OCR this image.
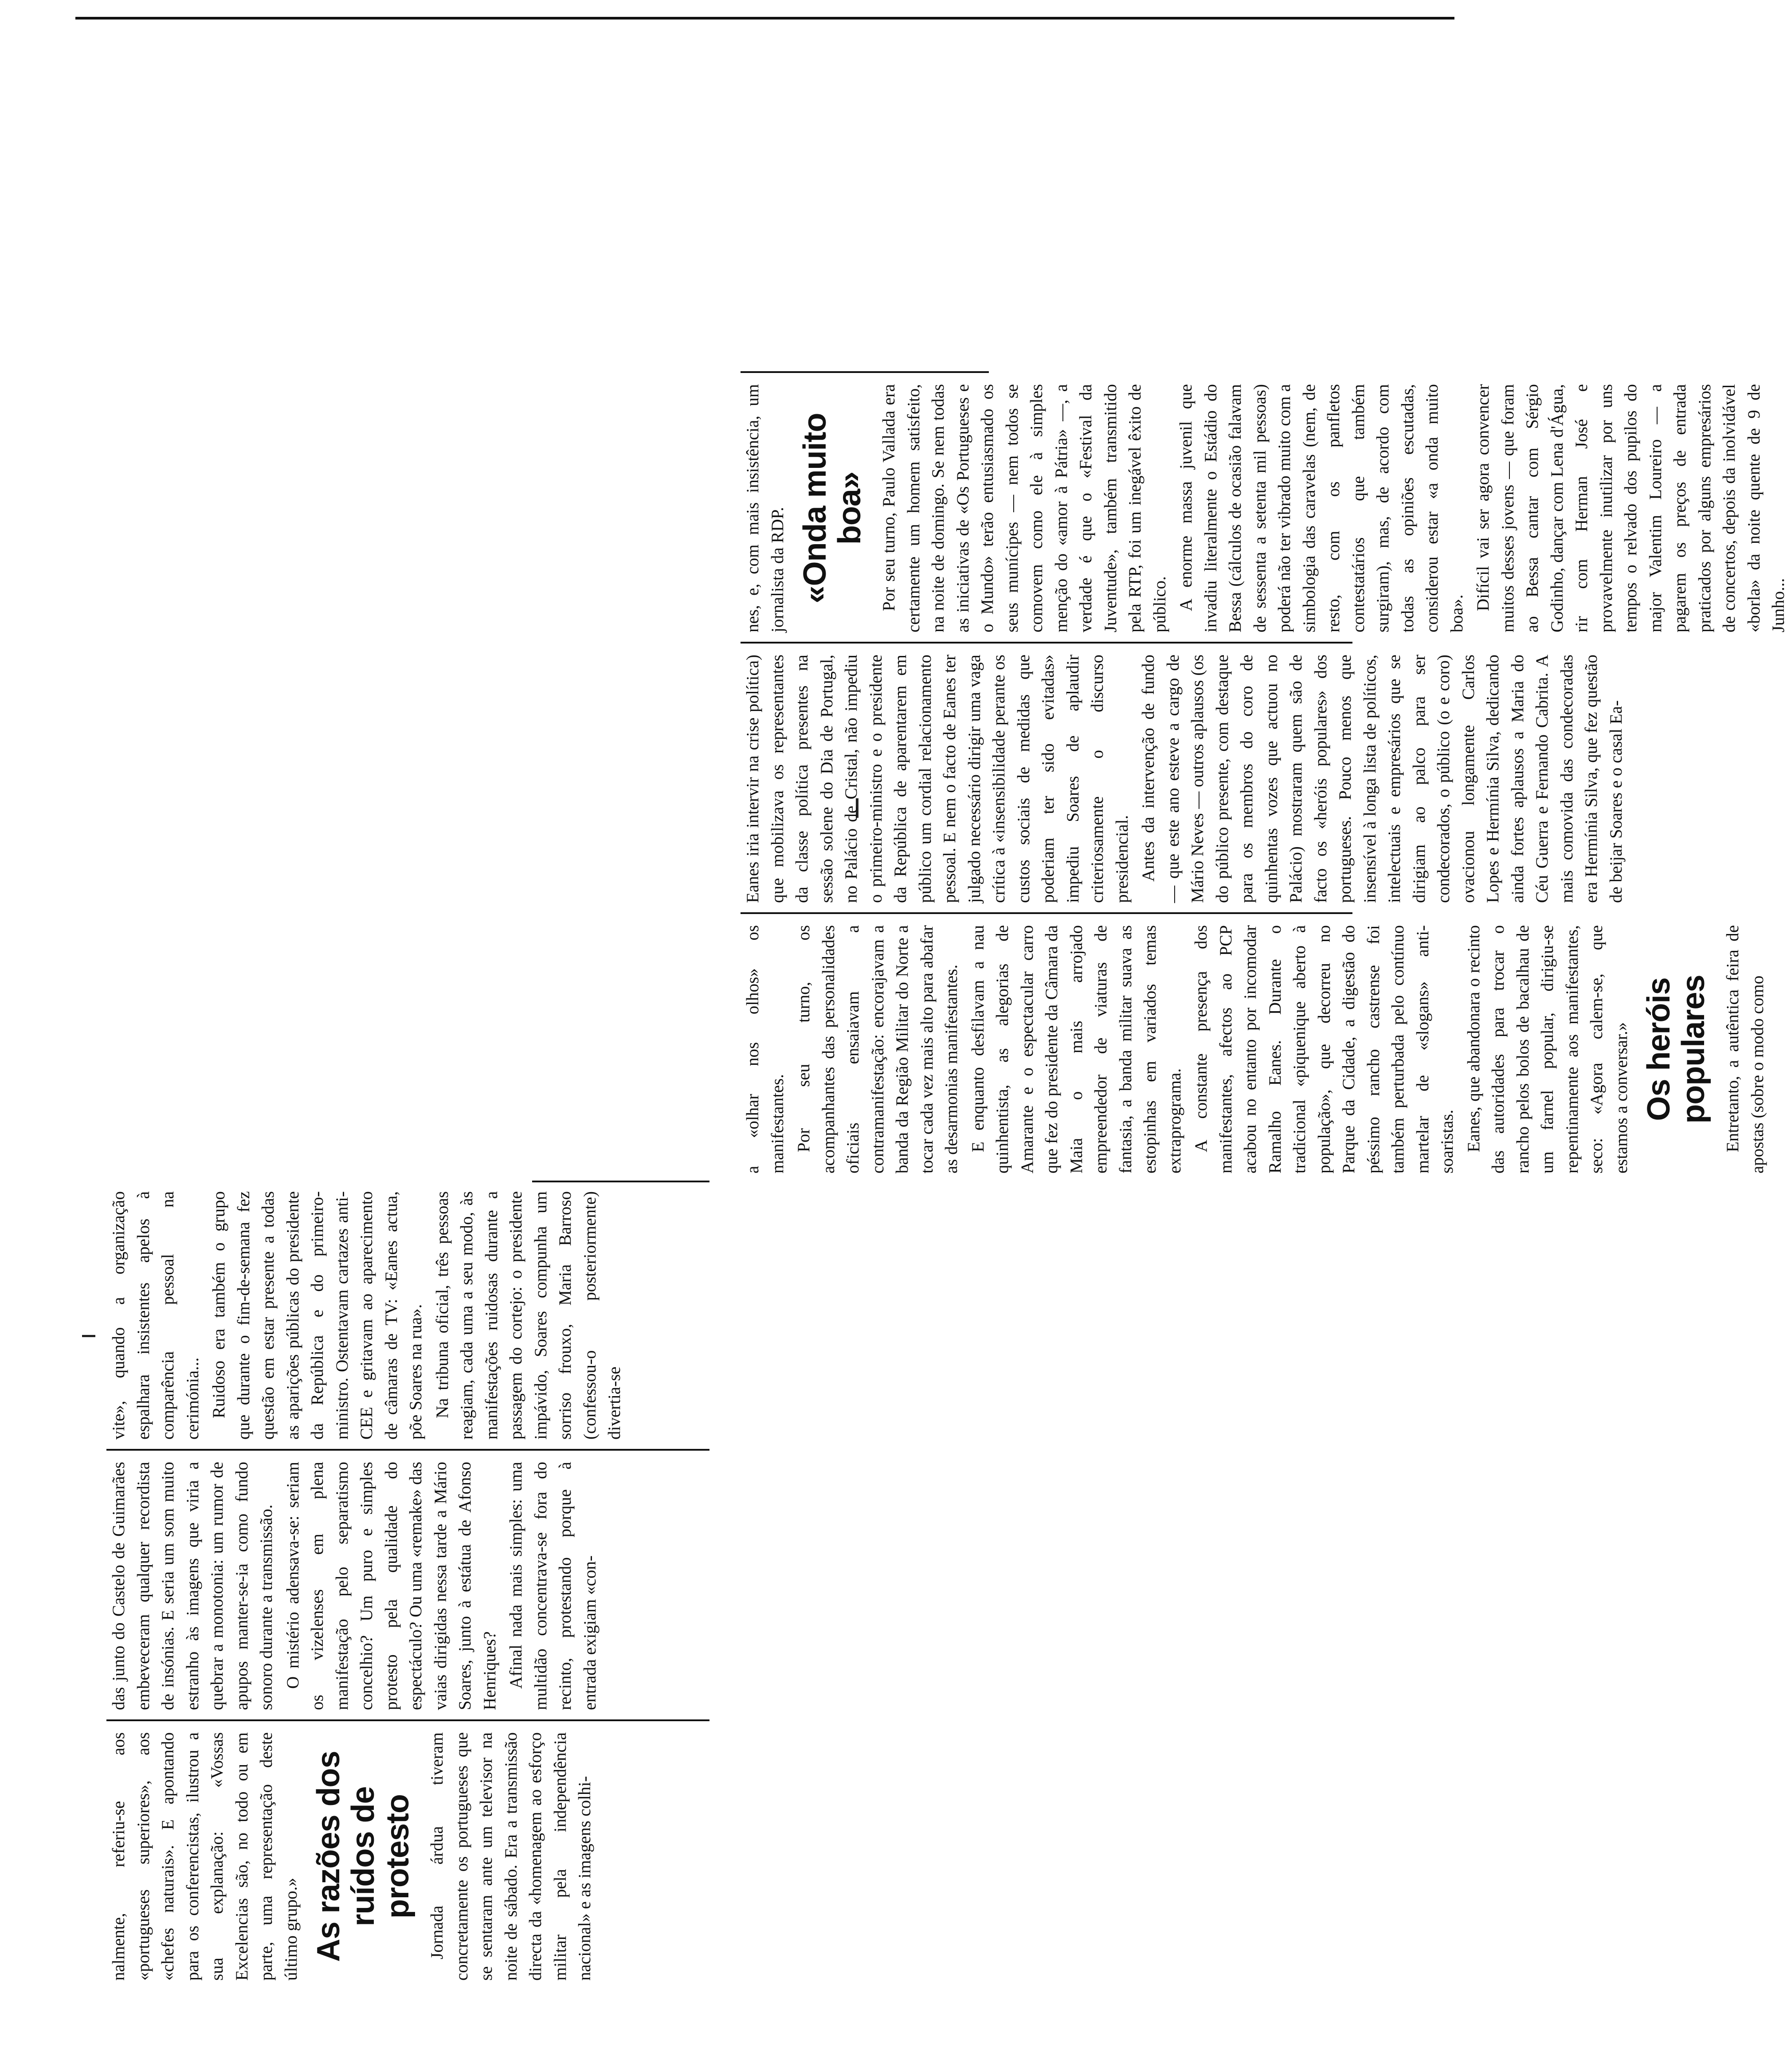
nalmente, referiu-se aos «portugueses superiores», aos «chefes naturais». E apontando para os conferencistas, ilustrou a sua explanação: «Vossas Excelencias são, no todo ou em parte, uma representação deste último grupo.» As razões dos ruídos de protesto Jornada árdua tiveram concretamente os portugueses que se sentaram ante um televisor na noite de sábado. Era a transmissão directa da «homenagem ao esforço militar pela independência nacional» e as imagens colhi-

das junto do Castelo de Guimarães embeveceram qualquer recordista de insónias. E seria um som muito estranho às imagens que viria a quebrar a monotonia: um rumor de apupos manter-se-ia como fundo sonoro durante a transmissão. O mistério adensava-se: seriam os vizelenses em plena manifestação pelo separatismo concelhio? Um puro e simples protesto pela qualidade do espectáculo? Ou uma «remake» das vaias dirigidas nessa tarde a Mário Soares, junto à estátua de Afonso Henriques? Afinal nada mais simples: uma multidão concentrava-se fora do recinto, protestando porque à entrada exigiam «con-

vite», quando a organização espalhara insistentes apelos à comparência pessoal na cerimónia... Ruidoso era também o grupo que durante o fim-de-semana fez questão em estar presente a todas as aparições públicas do presidente da República e do primeiro-ministro. Ostentavam cartazes anti-CEE e gritavam ao aparecimento de câmaras de TV: «Eanes actua, põe Soares na rua». Na tribuna oficial, três pessoas reagiam, cada uma a seu modo, às manifestações ruidosas durante a passagem do cortejo: o presidente impávido, Soares compunha um sorriso frouxo, Maria Barroso (confessou-o posteriormente) divertia-se

a «olhar nos olhos» os manifestantes. Por seu turno, os acompanhantes das personalidades oficiais ensaiavam a contramanifestação: encorajavam a banda da Região Militar do Norte a tocar cada vez mais alto para abafar as desarmonias manifestantes. E enquanto desfilavam a nau quinhentista, as alegorias de Amarante e o espectacular carro que fez do presidente da Câmara da Maia o mais arrojado empreendedor de viaturas de fantasia, a banda militar suava as estopinhas em variados temas extraprograma. A constante presença dos manifestantes, afectos ao PCP acabou no entanto por incomodar Ramalho Eanes. Durante o tradicional «piquenique aberto à população», que decorreu no Parque da Cidade, a digestão do péssimo rancho castrense foi também perturbada pelo contínuo martelar de «slogans» anti-soaristas. Eanes, que abandonara o recinto das autoridades para trocar o rancho pelos bolos de bacalhau de um farnel popular, dirigiu-se repentinamente aos manifestantes, seco: «Agora calem-se, que estamos a conversar.» Os heróis populares Entretanto, a autêntica feira de apostas (sobre o modo como

Eanes iria intervir na crise política) que mobilizava os representantes da classe política presentes na sessão solene do Dia de Portugal, no Palácio de Cristal, não impediu o primeiro-ministro e o presidente da República de aparentarem em público um cordial relacionamento pessoal. E nem o facto de Eanes ter julgado necessário dirigir uma vaga crítica à «insensibilidade perante os custos sociais de medidas que poderiam ter sido evitadas» impediu Soares de aplaudir criteriosamente o discurso presidencial. Antes da intervenção de fundo — que este ano esteve a cargo de Mário Neves — outros aplausos (os do público presente, com destaque para os membros do coro de quinhentas vozes que actuou no Palácio) mostraram quem são de facto os «heróis populares» dos portugueses. Pouco menos que insensível à longa lista de políticos, intelectuais e empresários que se dirigiam ao palco para ser condecorados, o público (o e coro) ovacionou longamente Carlos Lopes e Hermínia Silva, dedicando ainda fortes aplausos a Maria do Céu Guerra e Fernando Cabrita. A mais comovida das condecoradas era Hermínia Silva, que fez questão de beijar Soares e o casal Ea-

nes, e, com mais insistência, um jornalista da RDP. «Onda muito boa» Por seu turno, Paulo Vallada era certamente um homem satisfeito, na noite de domingo. Se nem todas as iniciativas de «Os Portugueses e o Mundo» terão entusiasmado os seus munícipes — nem todos se comovem como ele à simples menção do «amor à Pátria» —, a verdade é que o «Festival da Juventude», também transmitido pela RTP, foi um inegável êxito de público. A enorme massa juvenil que invadiu literalmente o Estádio do Bessa (cálculos de ocasião falavam de sessenta a setenta mil pessoas) poderá não ter vibrado muito com a simbologia das caravelas (nem, de resto, com os panfletos contestatários que também surgiram), mas, de acordo com todas as opiniões escutadas, considerou estar «a onda muito boa».

Difícil vai ser agora convencer muitos desses jovens — que foram ao Bessa cantar com Sérgio Godinho, dançar com Lena d'Água, rir com Herman José e provavelmente inutilizar por uns tempos o relvado dos pupilos do major Valentim Loureiro — a pagarem os preços de entrada praticados por alguns empresários de concertos, depois da inolvidável «borla» da noite quente de 9 de Junho...
